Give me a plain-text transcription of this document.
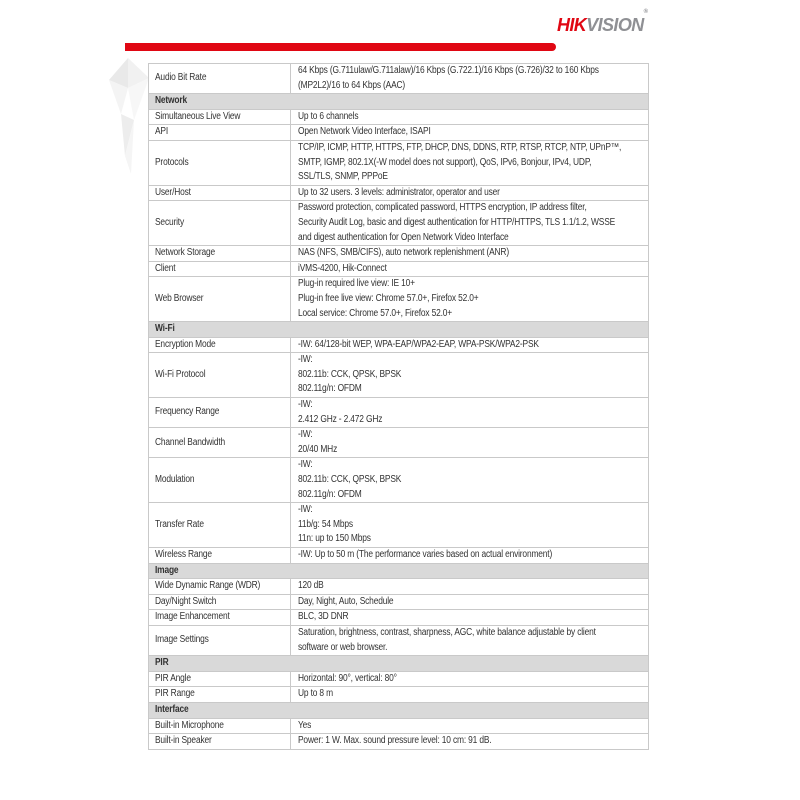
HIKVISION®
Audio Bit Rate	64 Kbps (G.711ulaw/G.711alaw)/16 Kbps (G.722.1)/16 Kbps (G.726)/32 to 160 Kbps
(MP2L2)/16 to 64 Kbps (AAC)

Network	
Simultaneous Live View	Up to 6 channels

API	Open Network Video Interface, ISAPI

Protocols	TCP/IP, ICMP, HTTP, HTTPS, FTP, DHCP, DNS, DDNS, RTP, RTSP, RTCP, NTP, UPnP™,
SMTP, IGMP, 802.1X(-W model does not support), QoS, IPv6, Bonjour, IPv4, UDP,
SSL/TLS, SNMP, PPPoE

User/Host	Up to 32 users. 3 levels: administrator, operator and user

Security	Password protection, complicated password, HTTPS encryption, IP address filter,
Security Audit Log, basic and digest authentication for HTTP/HTTPS, TLS 1.1/1.2, WSSE
and digest authentication for Open Network Video Interface

Network Storage	NAS (NFS, SMB/CIFS), auto network replenishment (ANR)

Client	iVMS-4200, Hik-Connect

Web Browser	Plug-in required live view: IE 10+
Plug-in free live view: Chrome 57.0+, Firefox 52.0+
Local service: Chrome 57.0+, Firefox 52.0+

Wi-Fi	
Encryption Mode	-IW: 64/128-bit WEP, WPA-EAP/WPA2-EAP, WPA-PSK/WPA2-PSK

Wi-Fi Protocol	-IW:
802.11b: CCK, QPSK, BPSK
802.11g/n: OFDM

Frequency Range	-IW:
2.412 GHz - 2.472 GHz

Channel Bandwidth	-IW:
20/40 MHz

Modulation	-IW:
802.11b: CCK, QPSK, BPSK
802.11g/n: OFDM

Transfer Rate	-IW:
11b/g: 54 Mbps
11n: up to 150 Mbps

Wireless Range	-IW: Up to 50 m (The performance varies based on actual environment)

Image	
Wide Dynamic Range (WDR)	120 dB

Day/Night Switch	Day, Night, Auto, Schedule

Image Enhancement	BLC, 3D DNR

Image Settings	Saturation, brightness, contrast, sharpness, AGC, white balance adjustable by client
software or web browser.

PIR	
PIR Angle	Horizontal: 90°, vertical: 80°

PIR Range	Up to 8 m

Interface	
Built-in Microphone	Yes

Built-in Speaker	Power: 1 W. Max. sound pressure level: 10 cm: 91 dB.
